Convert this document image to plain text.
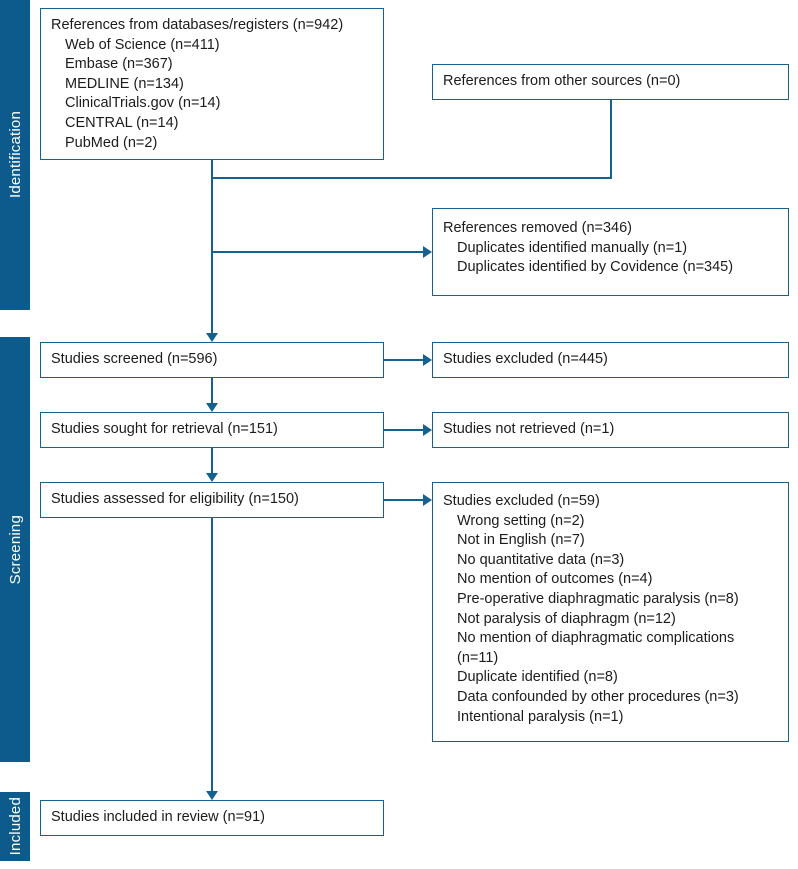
Identification
Screening
Included
References from databases/registers (n=942)
Web of Science (n=411)
Embase (n=367)
MEDLINE (n=134)
ClinicalTrials.gov (n=14)
CENTRAL (n=14)
PubMed (n=2)
References from other sources (n=0)
References removed (n=346)
Duplicates identified manually (n=1)
Duplicates identified by Covidence (n=345)
Studies screened (n=596)	Studies excluded (n=445)
Studies sought for retrieval (n=151)	Studies not retrieved (n=1)
Studies assessed for eligibility (n=150)	Studies excluded (n=59)
Wrong setting (n=2)
Not in English (n=7)
No quantitative data (n=3)
No mention of outcomes (n=4)
Pre-operative diaphragmatic paralysis (n=8)
Not paralysis of diaphragm (n=12)
No mention of diaphragmatic complications (n=11)
Duplicate identified (n=8)
Data confounded by other procedures (n=3)
Intentional paralysis (n=1)
Studies included in review (n=91)
